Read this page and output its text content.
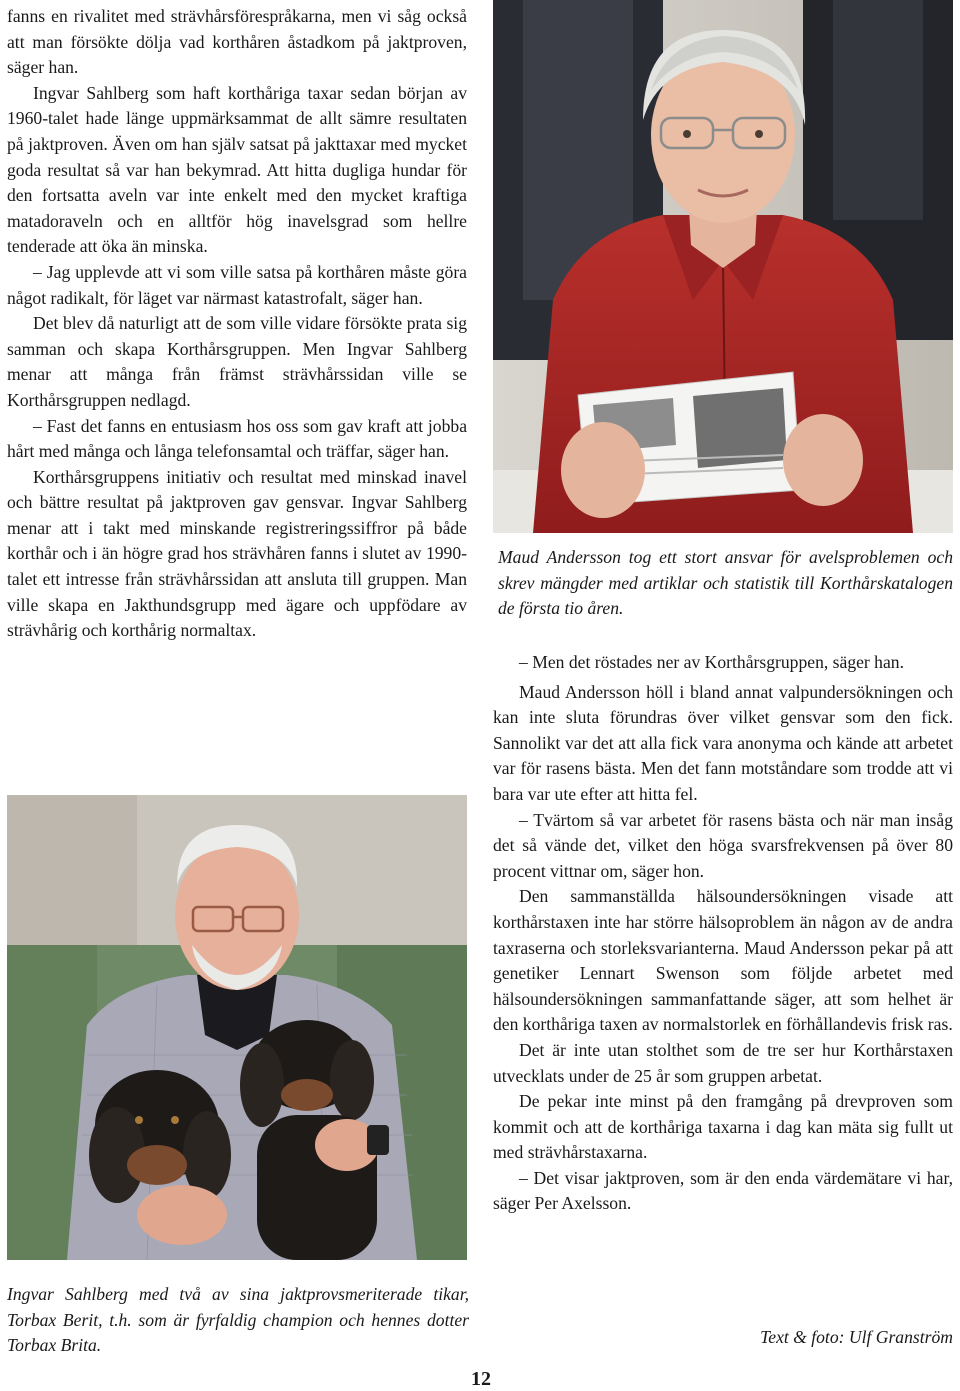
fanns en rivalitet med strävhårsförespråkarna, men vi såg också att man försökte dölja vad korthåren åstadkom på jaktproven, säger han.

Ingvar Sahlberg som haft korthåriga taxar sedan början av 1960-talet hade länge uppmärksammat de allt sämre resultaten på jaktproven. Även om han själv satsat på jakttaxar med mycket goda resultat så var han bekymrad. Att hitta dugliga hundar för den fortsatta aveln var inte enkelt med den mycket kraftiga matadoraveln och en alltför hög inavelsgrad som hellre tenderade att öka än minska.

– Jag upplevde att vi som ville satsa på korthåren måste göra något radikalt, för läget var närmast katastrofalt, säger han.

Det blev då naturligt att de som ville vidare försökte prata sig samman och skapa Korthårsgruppen. Men Ingvar Sahlberg menar att många från främst strävhårssidan ville se Korthårsgruppen nedlagd.

– Fast det fanns en entusiasm hos oss som gav kraft att jobba hårt med många och långa telefonsamtal och träffar, säger han.

Korthårsgruppens initiativ och resultat med minskad inavel och bättre resultat på jaktproven gav gensvar. Ingvar Sahlberg menar att i takt med minskande registreringssiffror på både korthår och i än högre grad hos strävhåren fanns i slutet av 1990-talet ett intresse från strävhårssidan att ansluta till gruppen. Man ville skapa en Jakthundsgrupp med ägare och uppfödare av strävhårig och korthårig normaltax.

Maud Andersson tog ett stort ansvar för avelsproblemen och skrev mängder med artiklar och statistik till Korthårskatalogen de första tio åren.

– Men det röstades ner av Korthårsgruppen, säger han.

Maud Andersson höll i bland annat valpundersökningen och kan inte sluta förundras över vilket gensvar som den fick. Sannolikt var det att alla fick vara anonyma och kände att arbetet var för rasens bästa. Men det fann motståndare som trodde att vi bara var ute efter att hitta fel.

– Tvärtom så var arbetet för rasens bästa och när man insåg det så vände det, vilket den höga svarsfrekvensen på över 80 procent vittnar om, säger hon.

Den sammanställda hälsoundersökningen visade att korthårstaxen inte har större hälsoproblem än någon av de andra taxraserna och storleksvarianterna. Maud Andersson pekar på att genetiker Lennart Swenson som följde arbetet med hälsoundersökningen sammanfattande säger, att som helhet är den korthåriga taxen av normalstorlek en förhållandevis frisk ras.

Det är inte utan stolthet som de tre ser hur Korthårstaxen utvecklats under de 25 år som gruppen arbetat.

De pekar inte minst på den framgång på drevproven som kommit och att de korthåriga taxarna i dag kan mäta sig fullt ut med strävhårstaxarna.

– Det visar jaktproven, som är den enda värdemätare vi har, säger Per Axelsson.

Text & foto: Ulf Granström

Ingvar Sahlberg med två av sina jaktprovsmeriterade tikar, Torbax Berit, t.h. som är fyrfaldig champion och hennes dotter Torbax Brita.

12
